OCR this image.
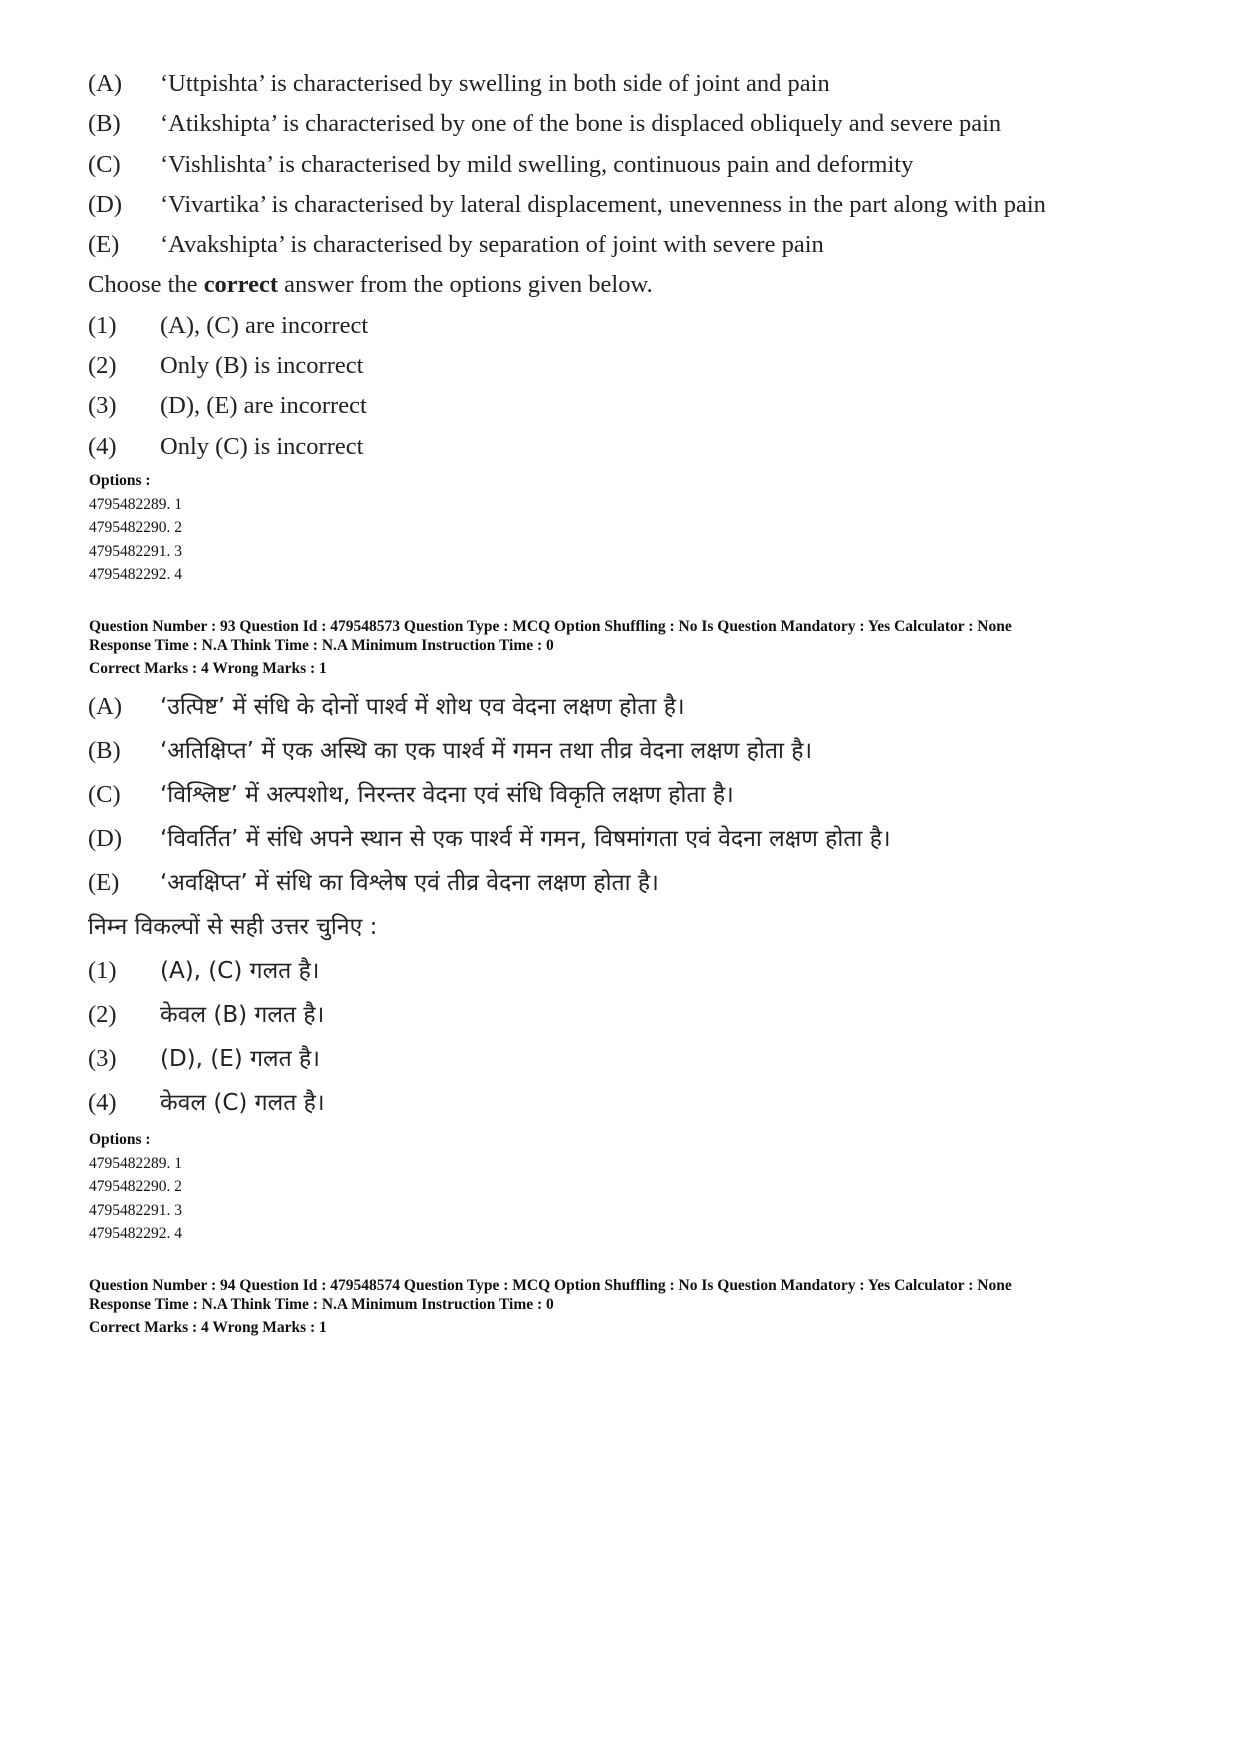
(A)	‘Uttpishta’ is characterised by swelling in both side of joint and pain
(B)	‘Atikshipta’ is characterised by one of the bone is displaced obliquely and severe pain
(C)	‘Vishlishta’ is characterised by mild swelling, continuous pain and deformity
(D)	‘Vivartika’ is characterised by lateral displacement, unevenness in the part along with pain
(E)	‘Avakshipta’ is characterised by separation of joint with severe pain
Choose the correct answer from the options given below.
(1)	(A), (C) are incorrect
(2)	Only (B) is incorrect
(3)	(D), (E) are incorrect
(4)	Only (C) is incorrect
Options :
4795482289. 1
4795482290. 2
4795482291. 3
4795482292. 4
Question Number : 93 Question Id : 479548573 Question Type : MCQ Option Shuffling : No Is Question Mandatory : Yes Calculator : None
Response Time : N.A Think Time : N.A Minimum Instruction Time : 0
Correct Marks : 4 Wrong Marks : 1
(A)	‘उत्पिष्ट’ में संधि के दोनों पार्श्व में शोथ एव वेदना लक्षण होता है।
(B)	‘अतिक्षिप्त’ में एक अस्थि का एक पार्श्व में गमन तथा तीव्र वेदना लक्षण होता है।
(C)	‘विश्लिष्ट’ में अल्पशोथ, निरन्तर वेदना एवं संधि विकृति लक्षण होता है।
(D)	‘विवर्तित’ में संधि अपने स्थान से एक पार्श्व में गमन, विषमांगता एवं वेदना लक्षण होता है।
(E)	‘अवक्षिप्त’ में संधि का विश्लेष एवं तीव्र वेदना लक्षण होता है।
निम्न विकल्पों से सही उत्तर चुनिए :
(1)	(A), (C) गलत है।
(2)	केवल (B) गलत है।
(3)	(D), (E) गलत है।
(4)	केवल (C) गलत है।
Options :
4795482289. 1
4795482290. 2
4795482291. 3
4795482292. 4
Question Number : 94 Question Id : 479548574 Question Type : MCQ Option Shuffling : No Is Question Mandatory : Yes Calculator : None
Response Time : N.A Think Time : N.A Minimum Instruction Time : 0
Correct Marks : 4 Wrong Marks : 1
